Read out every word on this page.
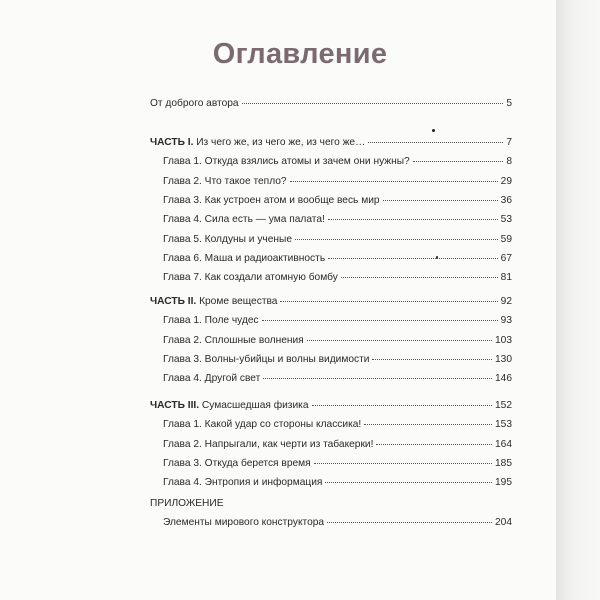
Оглавление
От доброго автора	5
ЧАСТЬ I. Из чего же, из чего же, из чего же…	7
Глава 1. Откуда взялись атомы и зачем они нужны?	8
Глава 2. Что такое тепло?	29
Глава 3. Как устроен атом и вообще весь мир	36
Глава 4. Сила есть — ума палата!	53
Глава 5. Колдуны и ученые	59
Глава 6. Маша и радиоактивность	67
Глава 7. Как создали атомную бомбу	81
ЧАСТЬ II. Кроме вещества	92
Глава 1. Поле чудес	93
Глава 2. Сплошные волнения	103
Глава 3. Волны-убийцы и волны видимости	130
Глава 4. Другой свет	146
ЧАСТЬ III. Сумасшедшая физика	152
Глава 1. Какой удар со стороны классика!	153
Глава 2. Напрыгали, как черти из табакерки!	164
Глава 3. Откуда берется время	185
Глава 4. Энтропия и информация	195
ПРИЛОЖЕНИЕ
Элементы мирового конструктора	204
